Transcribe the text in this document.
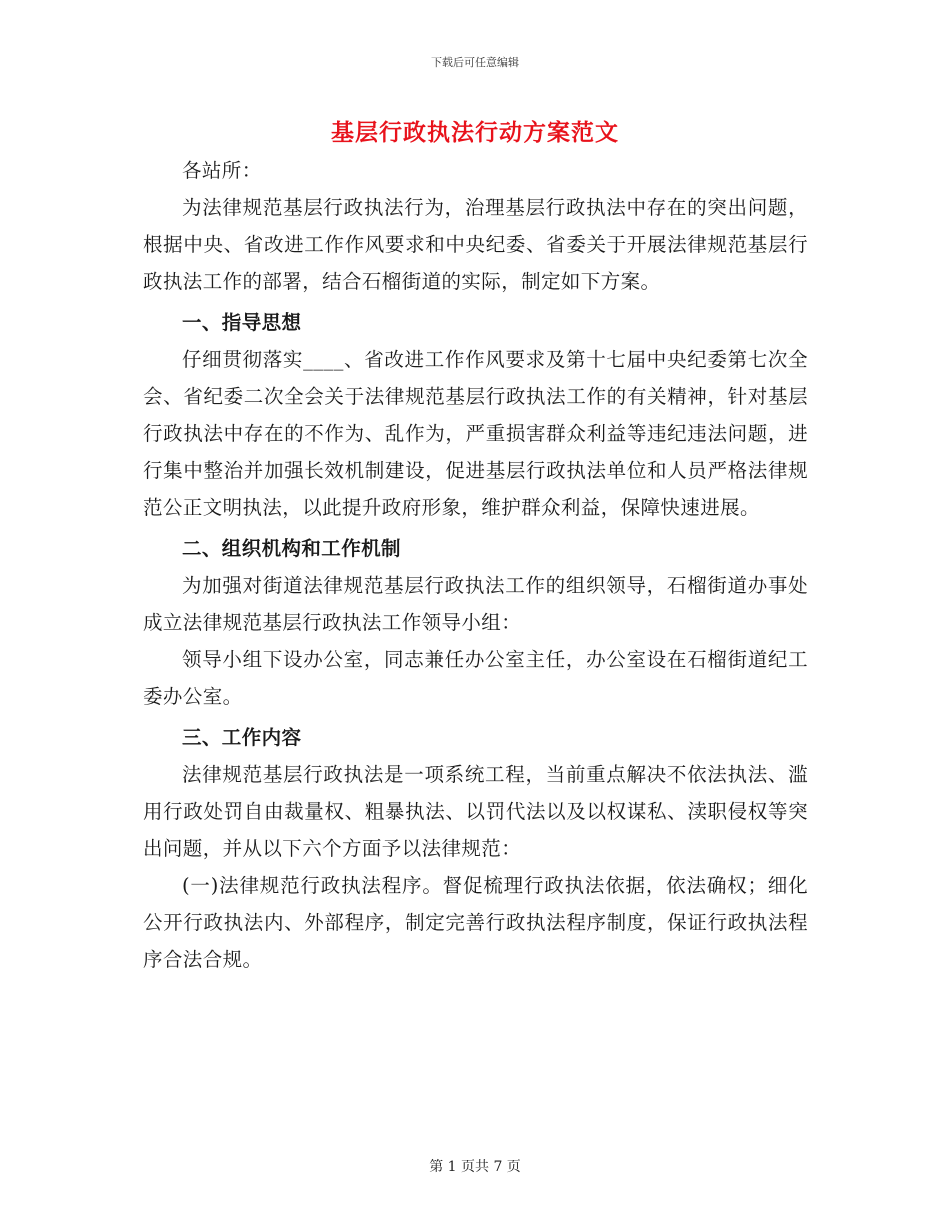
下载后可任意编辑
基层行政执法行动方案范文

各站所：

为法律规范基层行政执法行为，治理基层行政执法中存在的突出问题，根据中央、省改进工作作风要求和中央纪委、省委关于开展法律规范基层行政执法工作的部署，结合石榴街道的实际，制定如下方案。

一、指导思想

仔细贯彻落实____、省改进工作作风要求及第十七届中央纪委第七次全会、省纪委二次全会关于法律规范基层行政执法工作的有关精神，针对基层行政执法中存在的不作为、乱作为，严重损害群众利益等违纪违法问题，进行集中整治并加强长效机制建设，促进基层行政执法单位和人员严格法律规范公正文明执法，以此提升政府形象，维护群众利益，保障快速进展。

二、组织机构和工作机制

为加强对街道法律规范基层行政执法工作的组织领导，石榴街道办事处成立法律规范基层行政执法工作领导小组：

领导小组下设办公室，同志兼任办公室主任，办公室设在石榴街道纪工委办公室。

三、工作内容

法律规范基层行政执法是一项系统工程，当前重点解决不依法执法、滥用行政处罚自由裁量权、粗暴执法、以罚代法以及以权谋私、渎职侵权等突出问题，并从以下六个方面予以法律规范：

(一)法律规范行政执法程序。督促梳理行政执法依据，依法确权；细化公开行政执法内、外部程序，制定完善行政执法程序制度，保证行政执法程序合法合规。

第 1 页共 7 页
